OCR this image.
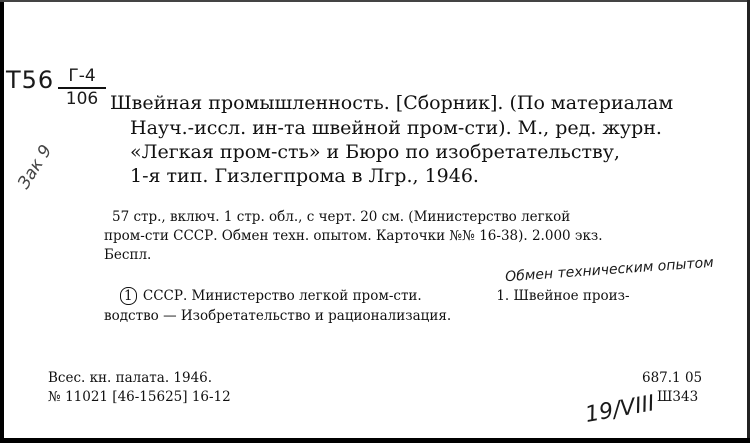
T56 Г-4
106
Зак 9
Швейная промышленность. [Сборник]. (По материалам
Науч.-иссл. ин-та швейной пром-сти). М., ред. журн.
«Легкая пром-сть» и Бюро по изобретательству,
1-я тип. Гизлегпрома в Лгр., 1946.
57 стр., включ. 1 стр. обл., с черт. 20 см. (Министерство легкой
пром-сти СССР. Обмен техн. опытом. Карточки №№ 16-38). 2.000 экз.
Беспл.	Обмен техническим опытом
1 СССР. Министерство легкой пром-сти.	1. Швейное произ-
водство — Изобретательство и рационализация.
Всес. кн. палата. 1946.
№ 11021 [46-15625] 16-12
687.1 05
Ш343
19/VIII
